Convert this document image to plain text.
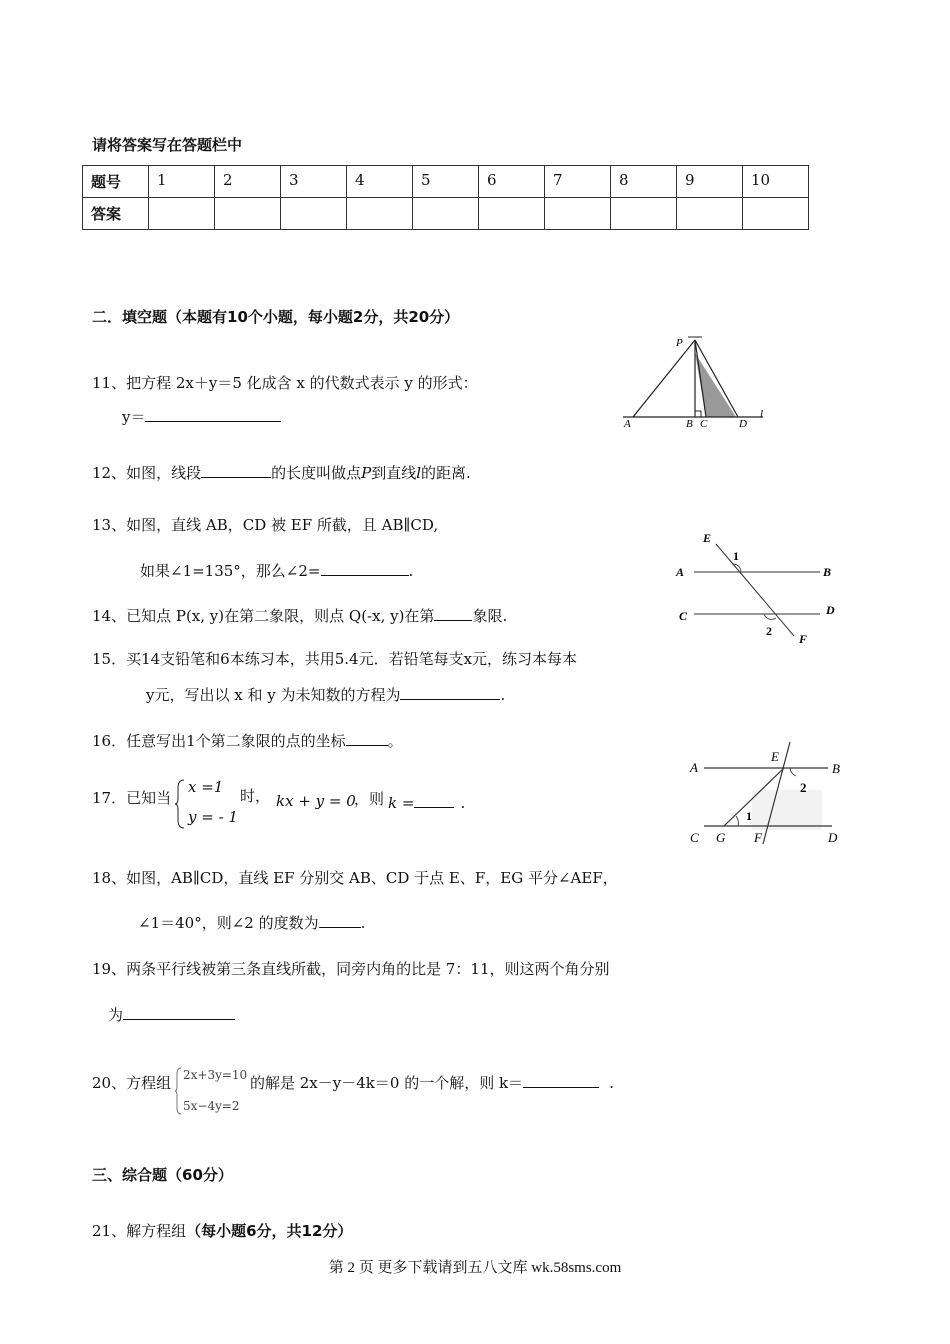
请将答案写在答题栏中
题号	1	2	3	4	5	6	7	8	9	10
答案										
二．填空题（本题有10个小题，每小题2分，共20分）
11、把方程 2x＋y＝5 化成含 x 的代数式表示 y 的形式：
y＝
P
A	B C	D
l
12、如图，线段	的长度叫做点P到直线l的距离.
13、如图，直线 AB，CD 被 EF 所截，且 AB∥CD,
如果∠1=135°，那么∠2=	.
E
1
A	B
C	D
2
F
14、已知点 P(x, y)在第二象限，则点 Q(-x, y)在第	象限.
15．买14支铅笔和6本练习本，共用5.4元．若铅笔每支x元，练习本每本
y元，写出以 x 和 y 为未知数的方程为	.
16．任意写出1个第二象限的点的坐标	。
17．已知当
x =1
y = - 1
时， kx + y = 0
，则 k =	.
A
E
B
2
1
C G F	D
18、如图，AB∥CD，直线 EF 分别交 AB、CD 于点 E、F，EG 平分∠AEF，
∠1＝40°，则∠2 的度数为	.
19、两条平行线被第三条直线所截，同旁内角的比是 7：11，则这两个角分别
为
20、方程组 2x+3y=10
5x−4y=2
的解是 2x－y－4k＝0 的一个解，则 k＝	.
三、综合题（60分）
21、解方程组（每小题6分，共12分）
第 2 页 更多下载请到五八文库 wk.58sms.com
